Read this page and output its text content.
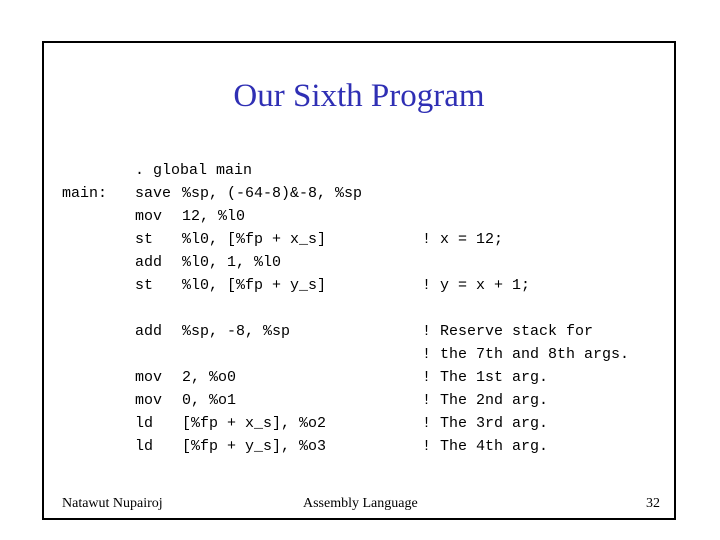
Our Sixth Program
. global main
main: save %sp, (-64-8)&-8, %sp
mov 12, %l0
st %l0, [%fp + x_s]	! x = 12;
add %l0, 1, %l0
st %l0, [%fp + y_s]	! y = x + 1;
add %sp, -8, %sp	! Reserve stack for
! the 7th and 8th args.
mov 2, %o0	! The 1st arg.
mov 0, %o1	! The 2nd arg.
ld [%fp + x_s], %o2	! The 3rd arg.
ld [%fp + y_s], %o3	! The 4th arg.
Natawut Nupairoj	Assembly Language	32
